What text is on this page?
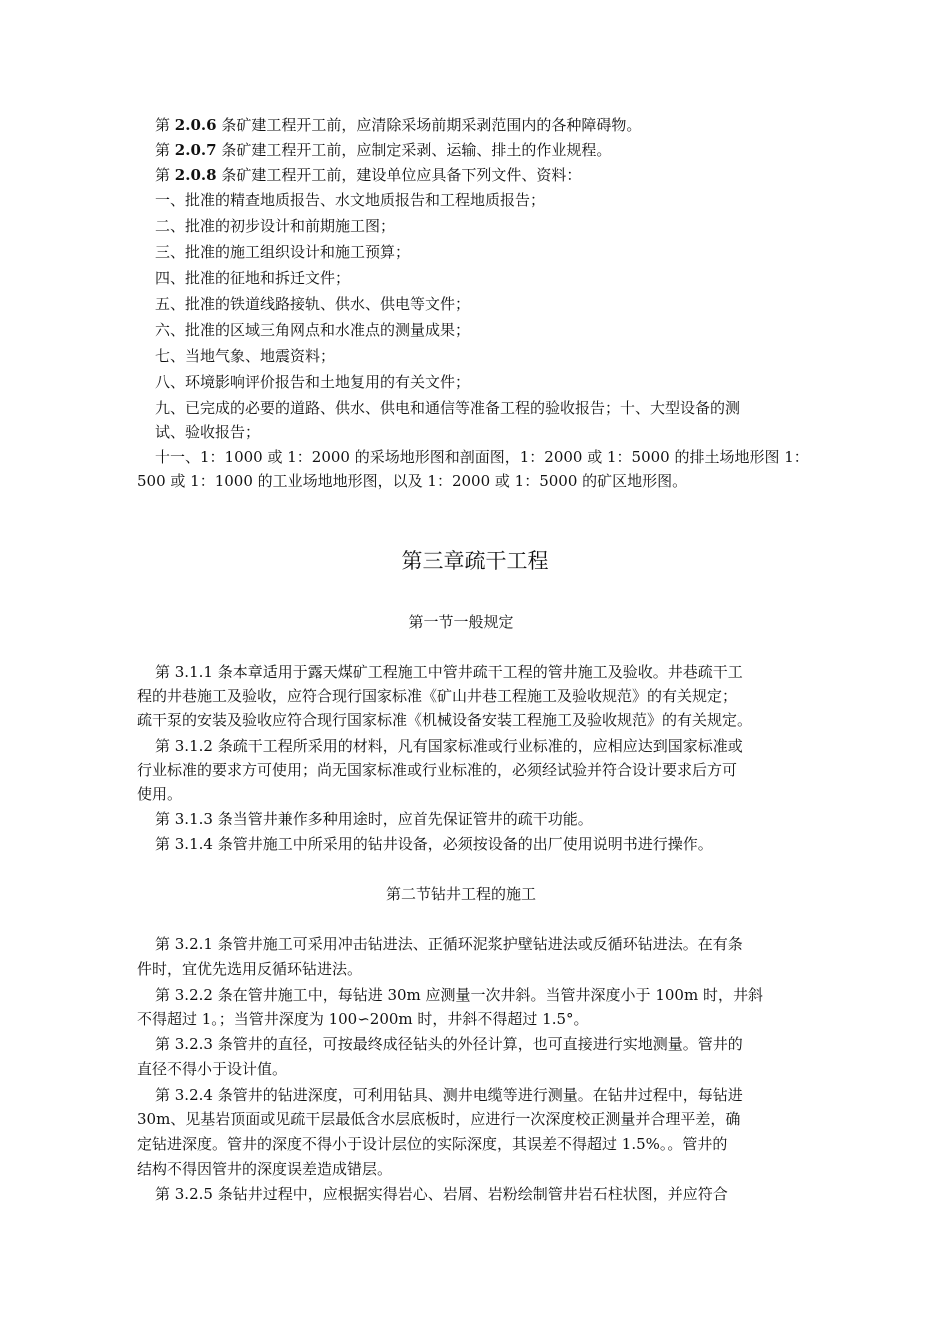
第 2.0.6 条矿建工程开工前，应清除采场前期采剥范围内的各种障碍物。
第 2.0.7 条矿建工程开工前，应制定采剥、运输、排土的作业规程。
第 2.0.8 条矿建工程开工前，建设单位应具备下列文件、资料：
一、批准的精查地质报告、水文地质报告和工程地质报告；
二、批准的初步设计和前期施工图；
三、批准的施工组织设计和施工预算；
四、批准的征地和拆迁文件；
五、批准的铁道线路接轨、供水、供电等文件；
六、批准的区域三角网点和水准点的测量成果；
七、当地气象、地震资料；
八、环境影响评价报告和土地复用的有关文件；
九、已完成的必要的道路、供水、供电和通信等准备工程的验收报告；十、大型设备的测
试、验收报告；
十一、1：1000 或 1：2000 的采场地形图和剖面图，1：2000 或 1：5000 的排土场地形图 1：
500 或 1：1000 的工业场地地形图，以及 1：2000 或 1：5000 的矿区地形图。
第三章疏干工程
第一节一般规定
第 3.1.1 条本章适用于露天煤矿工程施工中管井疏干工程的管井施工及验收。井巷疏干工
程的井巷施工及验收，应符合现行国家标准《矿山井巷工程施工及验收规范》的有关规定；
疏干泵的安装及验收应符合现行国家标准《机械设备安装工程施工及验收规范》的有关规定。
第 3.1.2 条疏干工程所采用的材料，凡有国家标准或行业标准的，应相应达到国家标准或
行业标准的要求方可使用；尚无国家标准或行业标准的，必须经试验并符合设计要求后方可
使用。
第 3.1.3 条当管井兼作多种用途时，应首先保证管井的疏干功能。
第 3.1.4 条管井施工中所采用的钻井设备，必须按设备的出厂使用说明书进行操作。
第二节钻井工程的施工
第 3.2.1 条管井施工可采用冲击钻进法、正循环泥浆护壁钻进法或反循环钻进法。在有条
件时，宜优先选用反循环钻进法。
第 3.2.2 条在管井施工中，每钻进 30m 应测量一次井斜。当管井深度小于 100m 时，井斜
不得超过 1。；当管井深度为 100∽200m 时，井斜不得超过 1.5°。
第 3.2.3 条管井的直径，可按最终成径钻头的外径计算，也可直接进行实地测量。管井的
直径不得小于设计值。
第 3.2.4 条管井的钻进深度，可利用钻具、测井电缆等进行测量。在钻井过程中，每钻进
30m、见基岩顶面或见疏干层最低含水层底板时，应进行一次深度校正测量并合理平差，确
定钻进深度。管井的深度不得小于设计层位的实际深度，其误差不得超过 1.5%。。管井的
结构不得因管井的深度误差造成错层。
第 3.2.5 条钻井过程中，应根据实得岩心、岩屑、岩粉绘制管井岩石柱状图，并应符合
